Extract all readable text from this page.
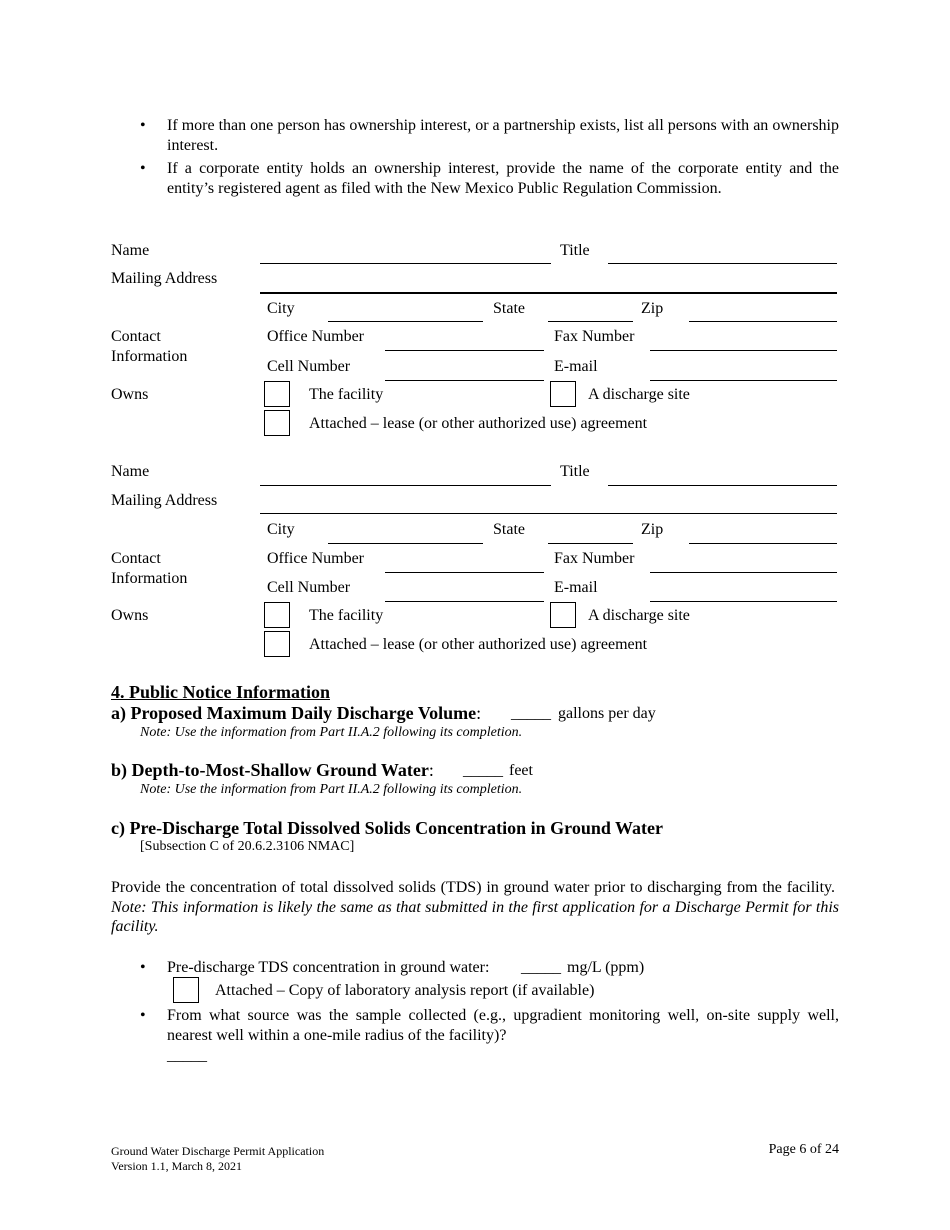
• If more than one person has ownership interest, or a partnership exists, list all persons with an ownership interest.
• If a corporate entity holds an ownership interest, provide the name of the corporate entity and the entity’s registered agent as filed with the New Mexico Public Regulation Commission.
Name	Title
Mailing Address
City	State	Zip
Contact
Information
Office Number	Fax Number
Cell Number	E-mail
Owns	The facility	A discharge site
Attached – lease (or other authorized use) agreement
Name	Title
Mailing Address
City	State	Zip
Contact
Information
Office Number	Fax Number
Cell Number	E-mail
Owns	The facility	A discharge site
Attached – lease (or other authorized use) agreement
4. Public Notice Information
a) Proposed Maximum Daily Discharge Volume: _____ gallons per day
Note: Use the information from Part II.A.2 following its completion.
b) Depth-to-Most-Shallow Ground Water: _____ feet
Note: Use the information from Part II.A.2 following its completion.
c) Pre-Discharge Total Dissolved Solids Concentration in Ground Water
[Subsection C of 20.6.2.3106 NMAC]
Provide the concentration of total dissolved solids (TDS) in ground water prior to discharging from the facility.  Note: This information is likely the same as that submitted in the first application for a Discharge Permit for this facility.
• Pre-discharge TDS concentration in ground water: _____ mg/L (ppm)
Attached – Copy of laboratory analysis report (if available)
• From what source was the sample collected (e.g., upgradient monitoring well, on-site supply well, nearest well within a one-mile radius of the facility)?
_____
Ground Water Discharge Permit Application
Version 1.1, March 8, 2021
Page 6 of 24
